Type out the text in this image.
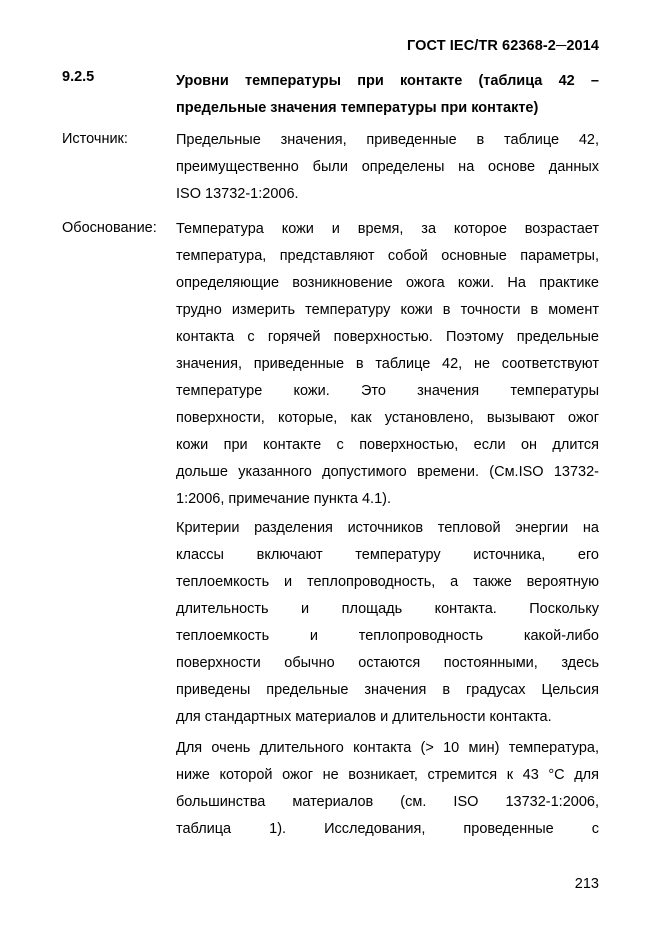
ГОСТ IEC/TR 62368-2─2014
9.2.5	Уровни температуры при контакте (таблица 42 –
предельные значения температуры при контакте)
Источник:	Предельные значения, приведенные в таблице 42,
преимущественно были определены на основе данных
ISO 13732-1:2006.
Обоснование: Температура кожи и время, за которое возрастает
температура, представляют собой основные параметры,
определяющие возникновение ожога кожи. На практике
трудно измерить температуру кожи в точности в момент
контакта с горячей поверхностью. Поэтому предельные
значения, приведенные в таблице 42, не соответствуют
температуре кожи. Это значения температуры
поверхности, которые, как установлено, вызывают ожог
кожи при контакте с поверхностью, если он длится
дольше указанного допустимого времени. (См.ISO 13732-
1:2006, примечание пункта 4.1).
Критерии разделения источников тепловой энергии на
классы включают температуру источника, его
теплоемкость и теплопроводность, а также вероятную
длительность и площадь контакта. Поскольку
теплоемкость и теплопроводность какой-либо
поверхности обычно остаются постоянными, здесь
приведены предельные значения в градусах Цельсия
для стандартных материалов и длительности контакта.
Для очень длительного контакта (> 10 мин) температура,
ниже которой ожог не возникает, стремится к 43 °C для
большинства материалов (см. ISO 13732-1:2006,
таблица 1). Исследования, проведенные с
213
